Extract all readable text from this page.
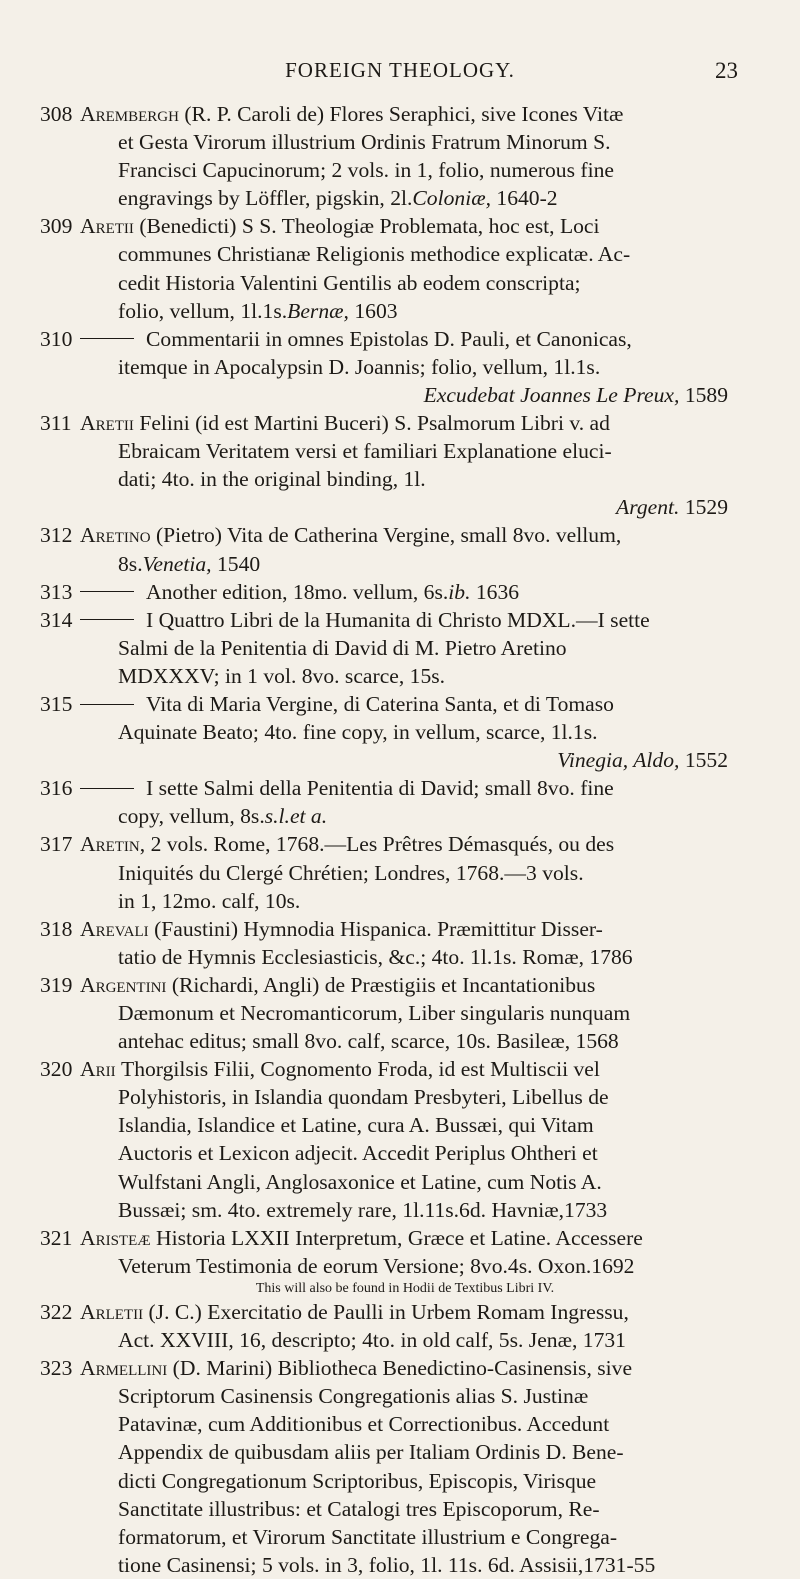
FOREIGN THEOLOGY.	23
308 Arembergh (R. P. Caroli de) Flores Seraphici, sive Icones Vitæ
et Gesta Virorum illustrium Ordinis Fratrum Minorum S.
Francisci Capucinorum; 2 vols. in 1, folio, numerous fine
engravings by Löffler, pigskin, 2l.Coloniæ, 1640-2
309 Aretii (Benedicti) S S. Theologiæ Problemata, hoc est, Loci
communes Christianæ Religionis methodice explicatæ. Ac-
cedit Historia Valentini Gentilis ab eodem conscripta;
folio, vellum, 1l.1s.Bernæ, 1603
310	Commentarii in omnes Epistolas D. Pauli, et Canonicas,
itemque in Apocalypsin D. Joannis; folio, vellum, 1l.1s.
Excudebat Joannes Le Preux, 1589
311 Aretii Felini (id est Martini Buceri) S. Psalmorum Libri v. ad
Ebraicam Veritatem versi et familiari Explanatione eluci-
dati; 4to. in the original binding, 1l.
Argent. 1529
312 Aretino (Pietro) Vita de Catherina Vergine, small 8vo. vellum,
8s.Venetia, 1540
313	Another edition, 18mo. vellum, 6s.ib. 1636
314	I Quattro Libri de la Humanita di Christo MDXL.—I sette
Salmi de la Penitentia di David di M. Pietro Aretino
MDXXXV; in 1 vol. 8vo. scarce, 15s.
315	Vita di Maria Vergine, di Caterina Santa, et di Tomaso
Aquinate Beato; 4to. fine copy, in vellum, scarce, 1l.1s.
Vinegia, Aldo, 1552
316	I sette Salmi della Penitentia di David; small 8vo. fine
copy, vellum, 8s.s.l.et a.
317 Aretin, 2 vols. Rome, 1768.—Les Prêtres Démasqués, ou des
Iniquités du Clergé Chrétien; Londres, 1768.—3 vols.
in 1, 12mo. calf, 10s.
318 Arevali (Faustini) Hymnodia Hispanica. Præmittitur Disser-
tatio de Hymnis Ecclesiasticis, &c.; 4to. 1l.1s. Romæ, 1786
319 Argentini (Richardi, Angli) de Præstigiis et Incantationibus
Dæmonum et Necromanticorum, Liber singularis nunquam
antehac editus; small 8vo. calf, scarce, 10s. Basileæ, 1568
320 Arii Thorgilsis Filii, Cognomento Froda, id est Multiscii vel
Polyhistoris, in Islandia quondam Presbyteri, Libellus de
Islandia, Islandice et Latine, cura A. Bussæi, qui Vitam
Auctoris et Lexicon adjecit. Accedit Periplus Ohtheri et
Wulfstani Angli, Anglosaxonice et Latine, cum Notis A.
Bussæi; sm. 4to. extremely rare, 1l.11s.6d. Havniæ,1733
321 Aristeæ Historia LXXII Interpretum, Græce et Latine. Accessere
Veterum Testimonia de eorum Versione; 8vo.4s. Oxon.1692
This will also be found in Hodii de Textibus Libri IV.
322 Arletii (J. C.) Exercitatio de Paulli in Urbem Romam Ingressu,
Act. XXVIII, 16, descripto; 4to. in old calf, 5s. Jenæ, 1731
323 Armellini (D. Marini) Bibliotheca Benedictino-Casinensis, sive
Scriptorum Casinensis Congregationis alias S. Justinæ
Patavinæ, cum Additionibus et Correctionibus. Accedunt
Appendix de quibusdam aliis per Italiam Ordinis D. Bene-
dicti Congregationum Scriptoribus, Episcopis, Virisque
Sanctitate illustribus: et Catalogi tres Episcoporum, Re-
formatorum, et Virorum Sanctitate illustrium e Congrega-
tione Casinensi; 5 vols. in 3, folio, 1l. 11s. 6d. Assisii,1731-55
